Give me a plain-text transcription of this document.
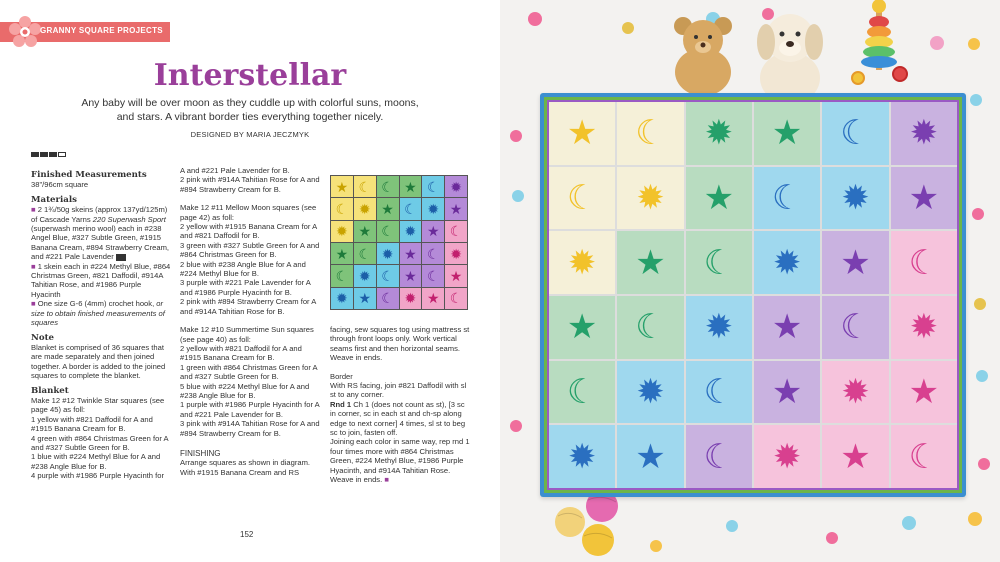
GRANNY SQUARE PROJECTS
Interstellar
Any baby will be over moon as they cuddle up with colorful suns, moons, and stars. A vibrant border ties everything together nicely.
DESIGNED BY MARIA JECZMYK
Finished Measurements
38"/96cm square
Materials
■ 2 1¾/50g skeins (approx 137yd/125m) of Cascade Yarns 220 Superwash Sport (superwash merino wool) each in #238 Angel Blue, #327 Subtle Green, #1915 Banana Cream, #894 Strawberry Cream, and #221 Pale Lavender
■ 1 skein each in #224 Methyl Blue, #864 Christmas Green, #821 Daffodil, #914A Tahitian Rose, and #1986 Purple Hyacinth
■ One size G-6 (4mm) crochet hook, or size to obtain finished measurements of squares
Note
Blanket is comprised of 36 squares that are made separately and then joined together. A border is added to the joined squares to complete the blanket.
Blanket
Make 12 #12 Twinkle Star squares (see page 45) as foll:
1 yellow with #821 Daffodil for A and #1915 Banana Cream for B.
4 green with #864 Christmas Green for A and #327 Subtle Green for B.
1 blue with #224 Methyl Blue for A and #238 Angle Blue for B.
4 purple with #1986 Purple Hyacinth for
A and #221 Pale Lavender for B.
2 pink with #914A Tahitian Rose for A and #894 Strawberry Cream for B.
Make 12 #11 Mellow Moon squares (see page 42) as foll:
2 yellow with #1915 Banana Cream for A and #821 Daffodil for B.
3 green with #327 Subtle Green for A and #864 Christmas Green for B.
2 blue with #238 Angle Blue for A and #224 Methyl Blue for B.
3 purple with #221 Pale Lavender for A and #1986 Purple Hyacinth for B.
2 pink with #894 Strawberry Cream for A and #914A Tahitian Rose for B.
Make 12 #10 Summertime Sun squares (see page 40) as foll:
2 yellow with #821 Daffodil for A and #1915 Banana Cream for B.
1 green with #864 Christmas Green for A and #327 Subtle Green for B.
5 blue with #224 Methyl Blue for A and #238 Angle Blue for B.
1 purple with #1986 Purple Hyacinth for A and #221 Pale Lavender for B.
3 pink with #914A Tahitian Rose for A and #894 Strawberry Cream for B.
FINISHING
Arrange squares as shown in diagram. With #1915 Banana Cream and RS
★ ☾ ☾ ★ ☾ ✹
☾ ✹ ★ ☾ ✹ ★
✹ ★ ☾ ✹ ★ ☾
★ ☾ ✹ ★ ☾ ✹
☾ ✹ ☾ ★ ☾ ★
✹ ★ ☾ ✹ ★ ☾
facing, sew squares tog using mattress st through front loops only. Work vertical seams first and then horizontal seams. Weave in ends.
Border
With RS facing, join #821 Daffodil with sl st to any corner.
Rnd 1 Ch 1 (does not count as st), [3 sc in corner, sc in each st and ch-sp along edge to next corner] 4 times, sl st to beg sc to join, fasten off.
Joining each color in same way, rep rnd 1 four times more with #864 Christmas Green, #224 Methyl Blue, #1986 Purple Hyacinth, and #914A Tahitian Rose. Weave in ends. ■
152
★	☾	✹	★	☾	✹
☾	✹	★	☾	✹	★
✹	★	☾	✹	★	☾
★	☾	✹	★	☾	✹
☾	✹	☾	★	✹	★
✹	★	☾	✹	★	☾
